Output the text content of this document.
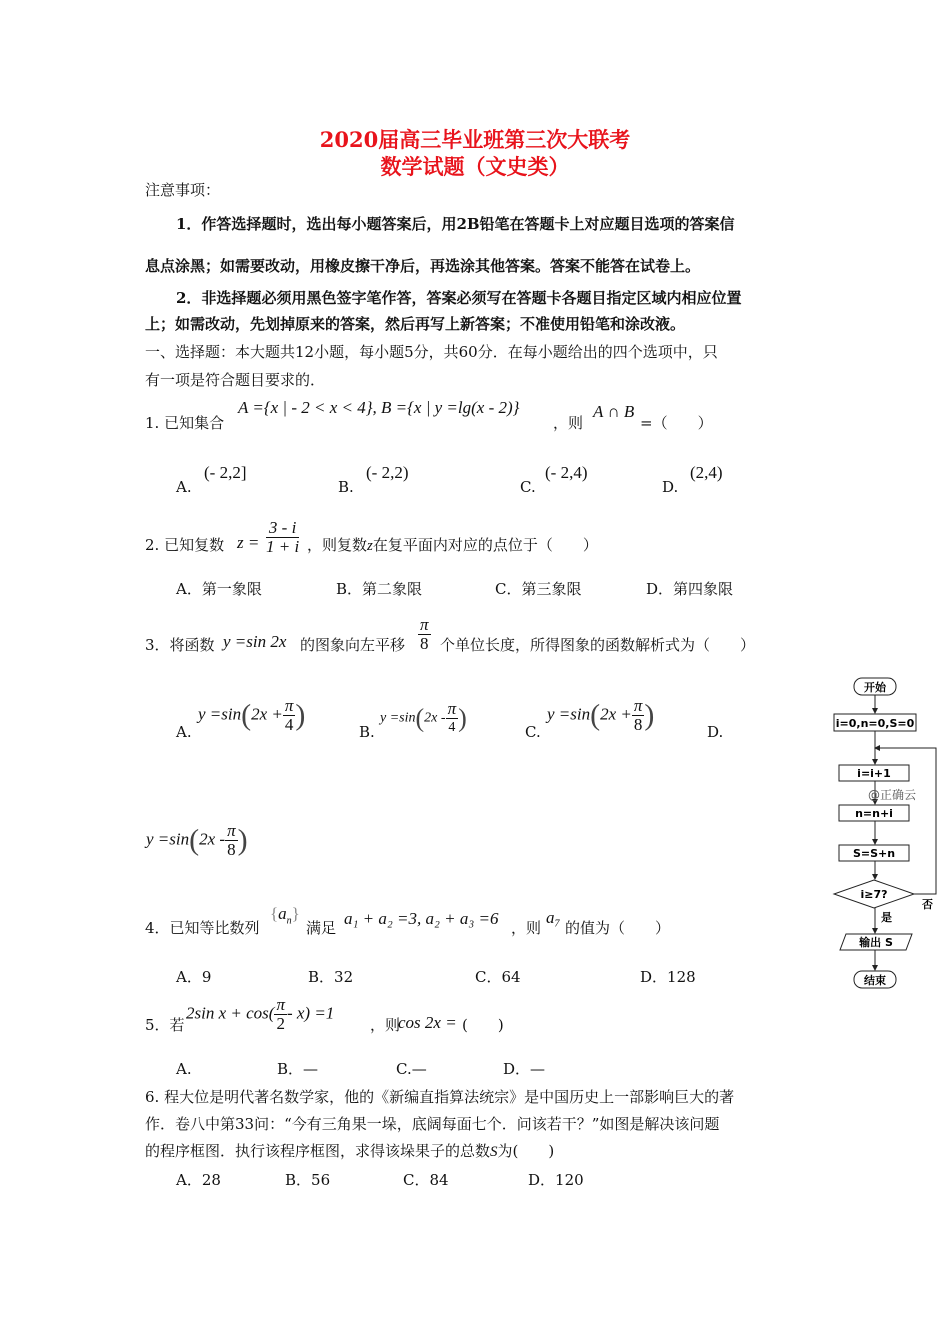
2020届高三毕业班第三次大联考
数学试题（文史类）
注意事项：
1．作答选择题时，选出每小题答案后，用2B铅笔在答题卡上对应题目选项的答案信
息点涂黑；如需要改动，用橡皮擦干净后，再选涂其他答案。答案不能答在试卷上。
2．非选择题必须用黑色签字笔作答，答案必须写在答题卡各题目指定区域内相应位置
上；如需改动，先划掉原来的答案，然后再写上新答案；不准使用铅笔和涂改液。
一、选择题：本大题共12小题，每小题5分，共60分．在每小题给出的四个选项中，只
有一项是符合题目要求的．
1. 已知集合
A ={x | - 2 < x < 4}, B ={x | y =lg(x - 2)}
，则
A ∩ B
=（　　）
A.
(- 2,2]
B.
(- 2,2)
C.
(- 2,4)
D.
(2,4)
2. 已知复数 $z = \frac{3 - i}{1 + i}$ ，则复数z在复平面内对应的点位于（　　）
A．第一象限	B．第二象限	C．第三象限	D．第四象限
3．将函数 y =sin 2x 的图象向左平移 $\frac{\pi}{8}$ 个单位长度，所得图象的函数解析式为（　　）
A.
$y =\sin(2x + \frac{\pi}{4}$ )
B.
$y =\sin(2x - \frac{\pi}{4}$ )	C.
$y =\sin(2x + \frac{\pi}{8}$ )
D.
$y =\sin(2x - \frac{\pi}{8}$ )
4．已知等比数列
$\{a_n\}$
满足 a₁ + a₂ =3, a₂ + a₃ =6 ，则
a₇
的值为（　　）
A．9	B．32	C．64	D．128
5．若
2sin $x + \cos( \frac{\pi}{2} - x) =1$
，则
cos 2x = (　　)
A.	B．—	C.—	D．—
6. 程大位是明代著名数学家，他的《新编直指算法统宗》是中国历史上一部影响巨大的著
作．卷八中第33问：“今有三角果一垛，底阔每面七个．问该若干？”如图是解决该问题
的程序框图．执行该程序框图，求得该垛果子的总数S为(　　)
A．28	B．56	C．84	D．120
开始
i=0,n=0,S=0
i=i+1
@正确云
n=n+i
S=S+n
i≥7?
是
否
输出 S
结束
